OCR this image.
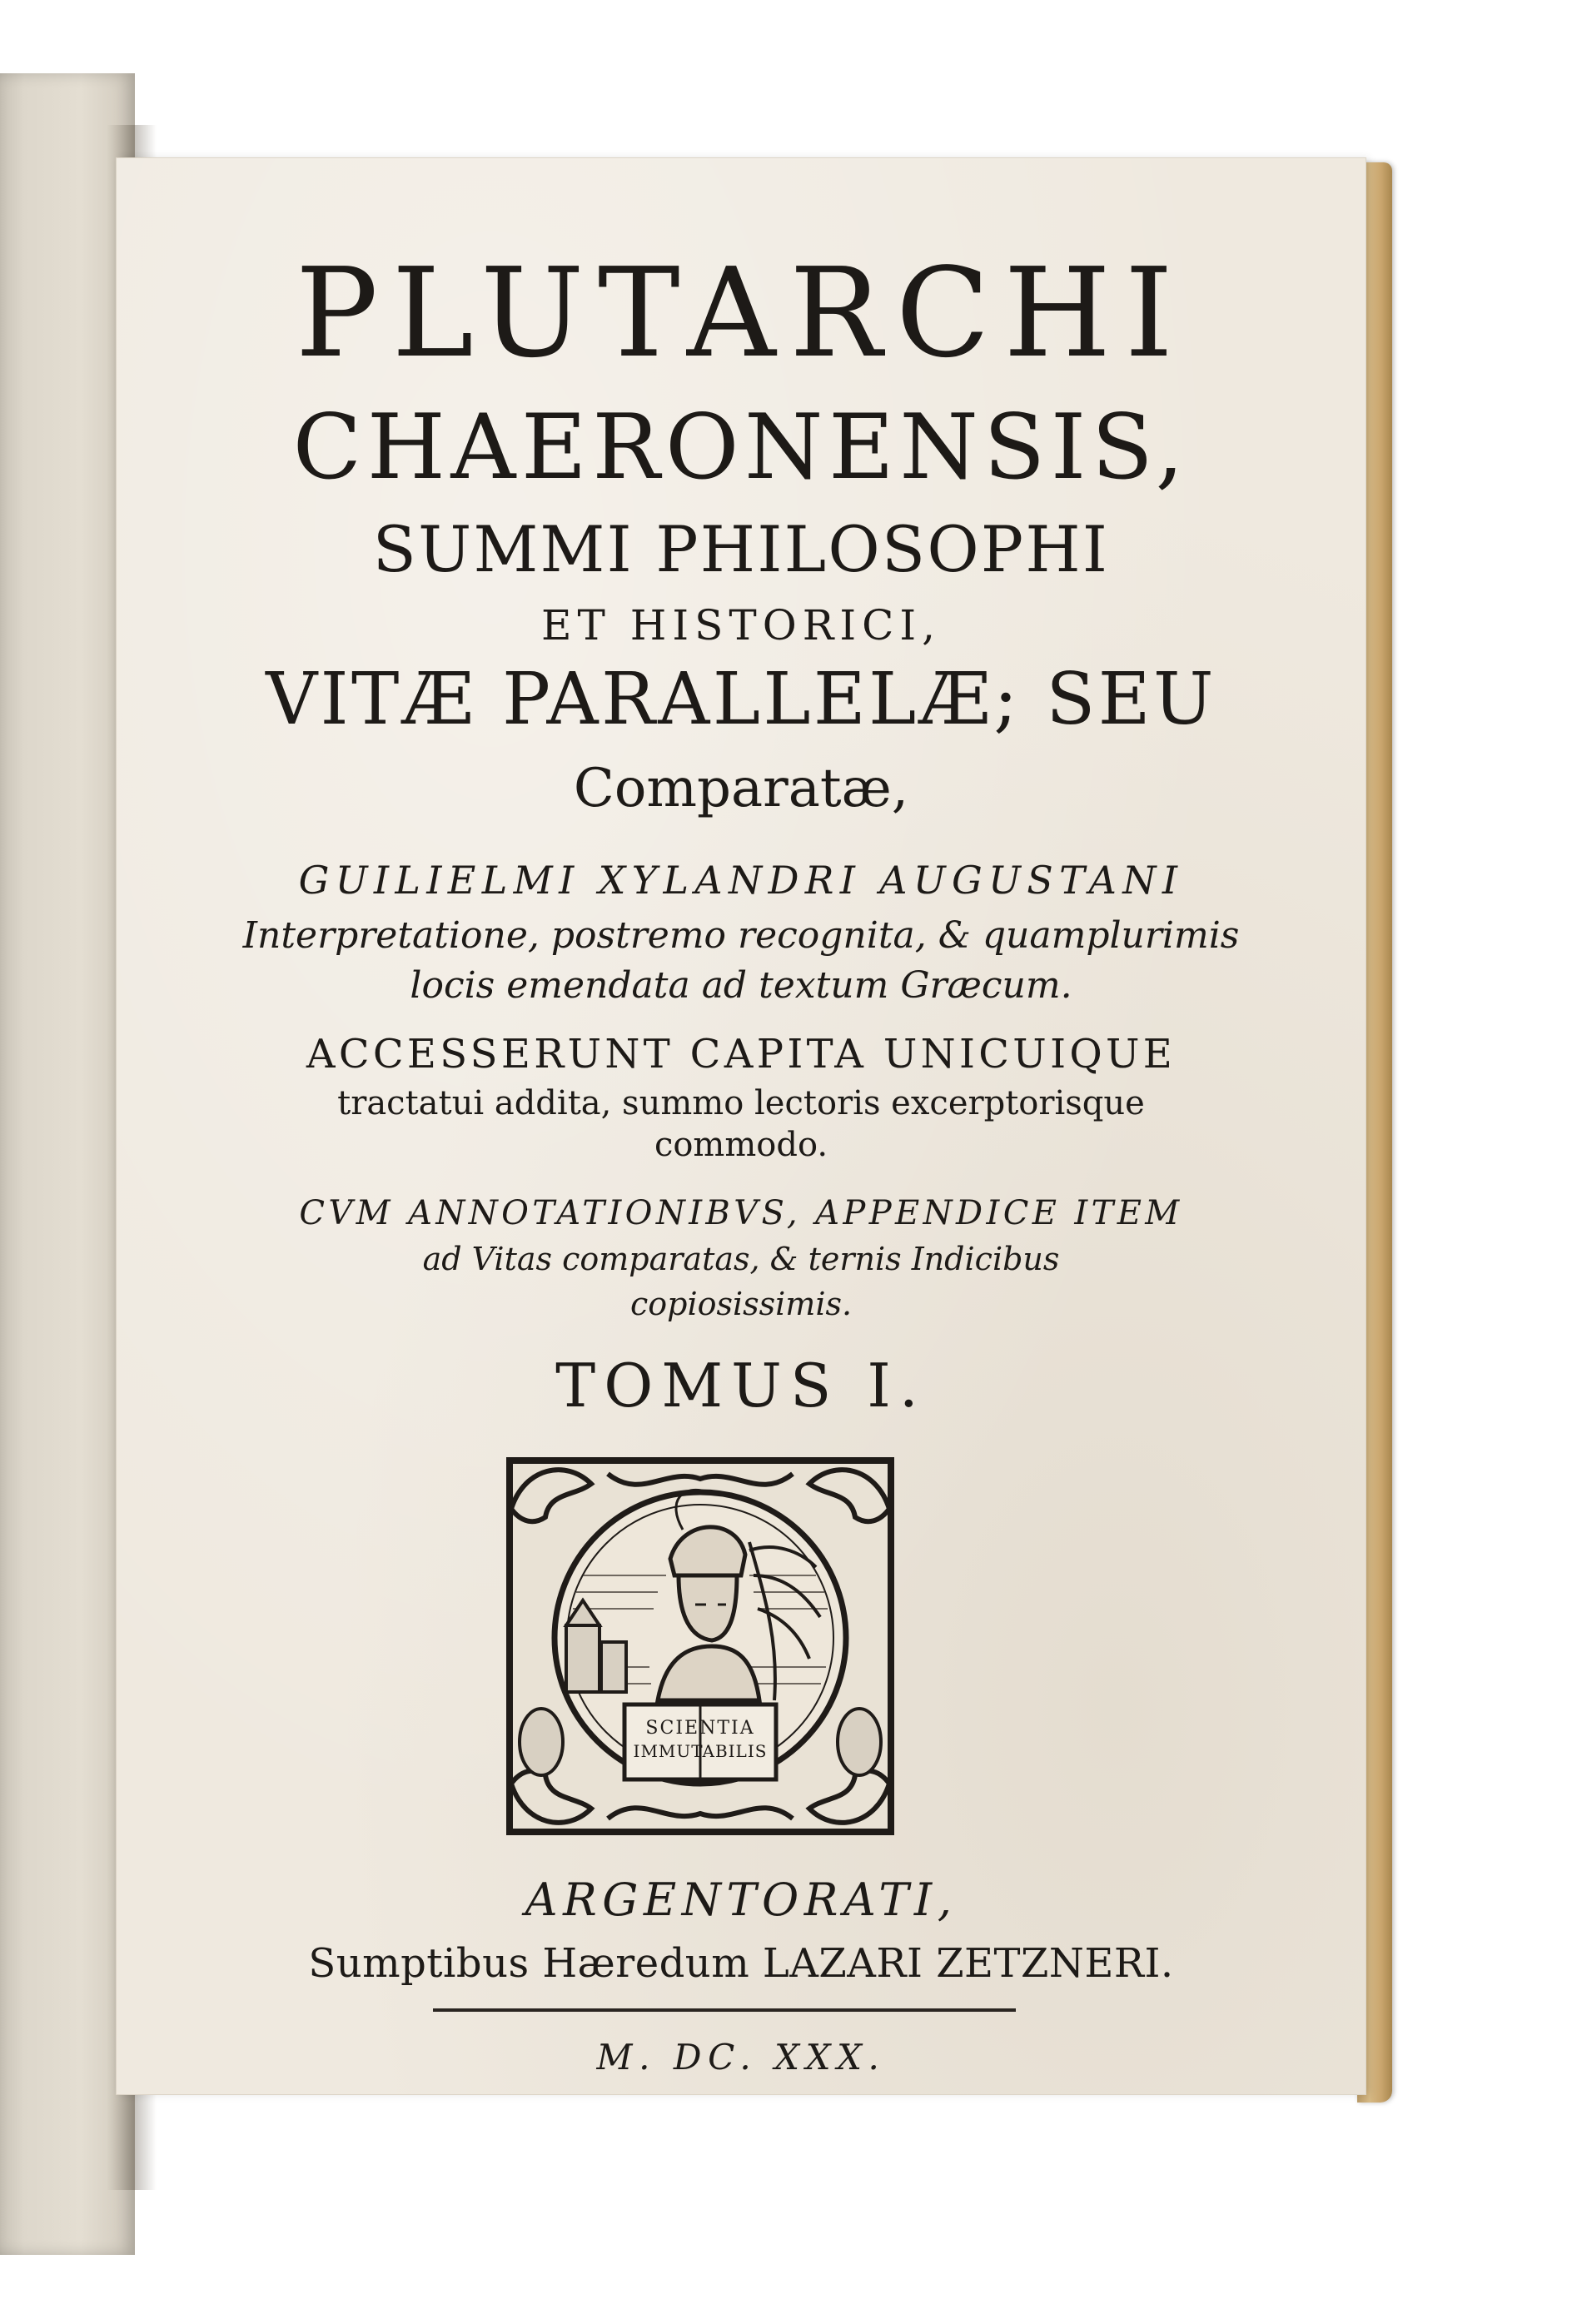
PLUTARCHI
CHAERONENSIS,
SUMMI PHILOSOPHI
ET HISTORICI,
VITÆ PARALLELÆ; SEU
Comparatæ,
GUILIELMI XYLANDRI AUGUSTANI
Interpretatione, postremo recognita, & quamplurimis
locis emendata ad textum Græcum.
ACCESSERUNT CAPITA UNICUIQUE
tractatui addita, summo lectoris excerptorisque
commodo.
CVM ANNOTATIONIBVS, APPENDICE ITEM
ad Vitas comparatas, & ternis Indicibus
copiosissimis.
TOMUS I.
SCIENTIA
IMMUTABILIS
ARGENTORATI,
Sumptibus Hæredum LAZARI ZETZNERI.
M. DC. XXX.
